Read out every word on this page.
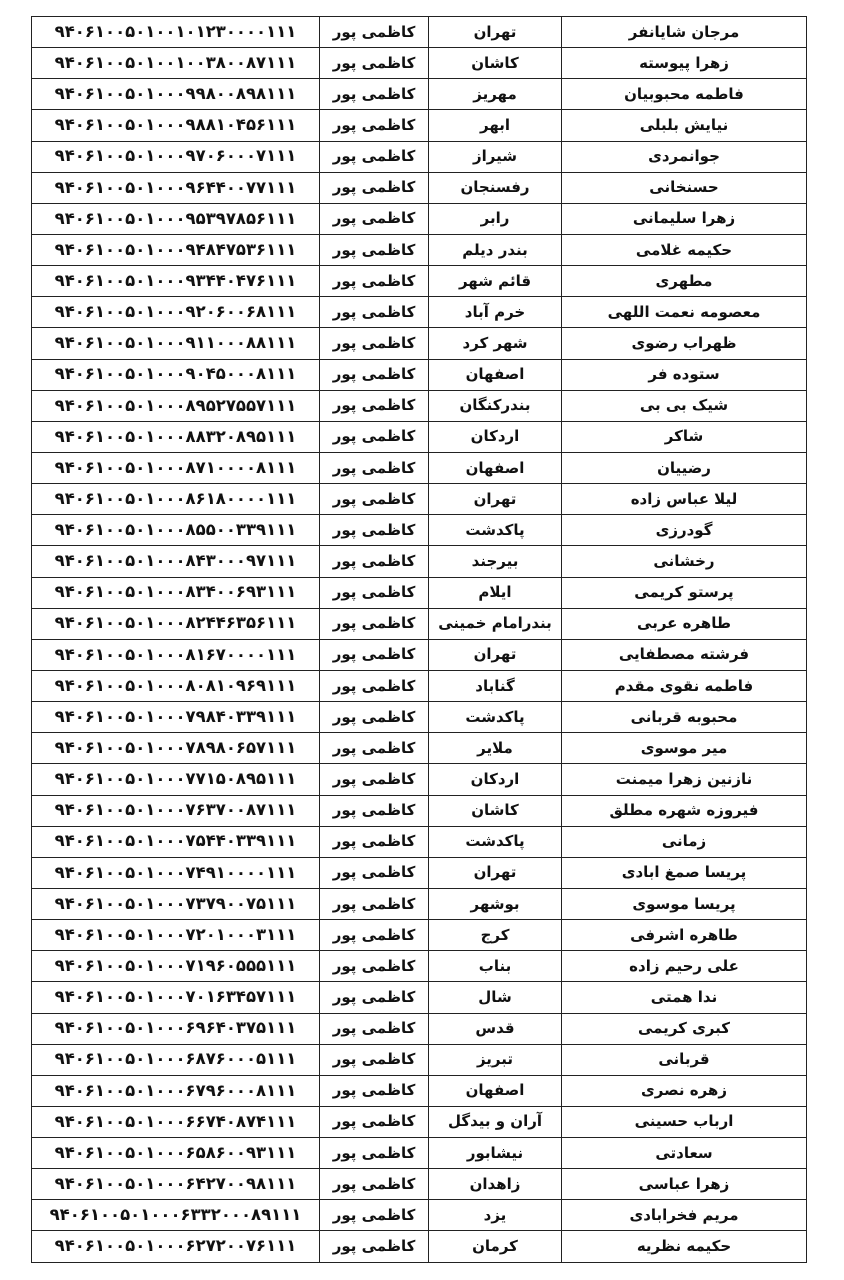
۹۴۰۶۱۰۰۵۰۱۰۰۱۰۱۲۳۰۰۰۰۱۱۱	کاظمی پور	تهران	مرجان شایانفر
۹۴۰۶۱۰۰۵۰۱۰۰۱۰۰۳۸۰۰۸۷۱۱۱	کاظمی پور	کاشان	زهرا پیوسته
۹۴۰۶۱۰۰۵۰۱۰۰۰۹۹۸۰۰۸۹۸۱۱۱	کاظمی پور	مهریز	فاطمه محبوبیان
۹۴۰۶۱۰۰۵۰۱۰۰۰۹۸۸۱۰۴۵۶۱۱۱	کاظمی پور	ابهر	نیایش بلبلی
۹۴۰۶۱۰۰۵۰۱۰۰۰۹۷۰۶۰۰۰۷۱۱۱	کاظمی پور	شیراز	جوانمردی
۹۴۰۶۱۰۰۵۰۱۰۰۰۹۶۴۴۰۰۷۷۱۱۱	کاظمی پور	رفسنجان	حسنخانی
۹۴۰۶۱۰۰۵۰۱۰۰۰۹۵۳۹۷۸۵۶۱۱۱	کاظمی پور	رابر	زهرا سلیمانی
۹۴۰۶۱۰۰۵۰۱۰۰۰۹۴۸۴۷۵۳۶۱۱۱	کاظمی پور	بندر دیلم	حکیمه غلامی
۹۴۰۶۱۰۰۵۰۱۰۰۰۹۳۴۴۰۴۷۶۱۱۱	کاظمی پور	قائم شهر	مطهری
۹۴۰۶۱۰۰۵۰۱۰۰۰۹۲۰۶۰۰۶۸۱۱۱	کاظمی پور	خرم آباد	معصومه نعمت اللهی
۹۴۰۶۱۰۰۵۰۱۰۰۰۹۱۱۰۰۰۸۸۱۱۱	کاظمی پور	شهر کرد	ظهراب رضوی
۹۴۰۶۱۰۰۵۰۱۰۰۰۹۰۴۵۰۰۰۸۱۱۱	کاظمی پور	اصفهان	ستوده فر
۹۴۰۶۱۰۰۵۰۱۰۰۰۸۹۵۲۷۵۵۷۱۱۱	کاظمی پور	بندرکنگان	شیک بی بی
۹۴۰۶۱۰۰۵۰۱۰۰۰۸۸۳۲۰۸۹۵۱۱۱	کاظمی پور	اردکان	شاکر
۹۴۰۶۱۰۰۵۰۱۰۰۰۸۷۱۰۰۰۰۸۱۱۱	کاظمی پور	اصفهان	رضییان
۹۴۰۶۱۰۰۵۰۱۰۰۰۸۶۱۸۰۰۰۰۱۱۱	کاظمی پور	تهران	لیلا عباس زاده
۹۴۰۶۱۰۰۵۰۱۰۰۰۸۵۵۰۰۳۳۹۱۱۱	کاظمی پور	پاکدشت	گودرزی
۹۴۰۶۱۰۰۵۰۱۰۰۰۸۴۳۰۰۰۹۷۱۱۱	کاظمی پور	بیرجند	رخشانی
۹۴۰۶۱۰۰۵۰۱۰۰۰۸۳۴۰۰۶۹۳۱۱۱	کاظمی پور	ایلام	پرستو کریمی
۹۴۰۶۱۰۰۵۰۱۰۰۰۸۲۴۴۶۳۵۶۱۱۱	کاظمی پور	بندرامام خمینی	طاهره عربی
۹۴۰۶۱۰۰۵۰۱۰۰۰۸۱۶۷۰۰۰۰۱۱۱	کاظمی پور	تهران	فرشته مصطفایی
۹۴۰۶۱۰۰۵۰۱۰۰۰۸۰۸۱۰۹۶۹۱۱۱	کاظمی پور	گناباد	فاطمه نقوی مقدم
۹۴۰۶۱۰۰۵۰۱۰۰۰۷۹۸۴۰۳۳۹۱۱۱	کاظمی پور	پاکدشت	محبوبه قربانی
۹۴۰۶۱۰۰۵۰۱۰۰۰۷۸۹۸۰۶۵۷۱۱۱	کاظمی پور	ملایر	میر موسوی
۹۴۰۶۱۰۰۵۰۱۰۰۰۷۷۱۵۰۸۹۵۱۱۱	کاظمی پور	اردکان	نازنین زهرا میمنت
۹۴۰۶۱۰۰۵۰۱۰۰۰۷۶۳۷۰۰۸۷۱۱۱	کاظمی پور	کاشان	فیروزه شهره مطلق
۹۴۰۶۱۰۰۵۰۱۰۰۰۷۵۴۴۰۳۳۹۱۱۱	کاظمی پور	پاکدشت	زمانی
۹۴۰۶۱۰۰۵۰۱۰۰۰۷۴۹۱۰۰۰۰۱۱۱	کاظمی پور	تهران	پریسا صمغ ابادی
۹۴۰۶۱۰۰۵۰۱۰۰۰۷۳۷۹۰۰۷۵۱۱۱	کاظمی پور	بوشهر	پریسا موسوی
۹۴۰۶۱۰۰۵۰۱۰۰۰۷۲۰۱۰۰۰۳۱۱۱	کاظمی پور	کرج	طاهره اشرفی
۹۴۰۶۱۰۰۵۰۱۰۰۰۷۱۹۶۰۵۵۵۱۱۱	کاظمی پور	بناب	علی رحیم زاده
۹۴۰۶۱۰۰۵۰۱۰۰۰۷۰۱۶۳۴۵۷۱۱۱	کاظمی پور	شال	ندا همتی
۹۴۰۶۱۰۰۵۰۱۰۰۰۶۹۶۴۰۳۷۵۱۱۱	کاظمی پور	قدس	کبری کریمی
۹۴۰۶۱۰۰۵۰۱۰۰۰۶۸۷۶۰۰۰۵۱۱۱	کاظمی پور	تبریز	قربانی
۹۴۰۶۱۰۰۵۰۱۰۰۰۶۷۹۶۰۰۰۸۱۱۱	کاظمی پور	اصفهان	زهره نصری
۹۴۰۶۱۰۰۵۰۱۰۰۰۶۶۷۴۰۸۷۴۱۱۱	کاظمی پور	آران و بیدگل	ارباب حسینی
۹۴۰۶۱۰۰۵۰۱۰۰۰۶۵۸۶۰۰۹۳۱۱۱	کاظمی پور	نیشابور	سعادتی
۹۴۰۶۱۰۰۵۰۱۰۰۰۶۴۲۷۰۰۹۸۱۱۱	کاظمی پور	زاهدان	زهرا عباسی
۹۴۰۶۱۰۰۵۰۱۰۰۰۶۳۳۲۰۰۰۸۹۱۱۱	کاظمی پور	یزد	مریم فخرابادی
۹۴۰۶۱۰۰۵۰۱۰۰۰۶۲۷۲۰۰۷۶۱۱۱	کاظمی پور	کرمان	حکیمه نظریه
